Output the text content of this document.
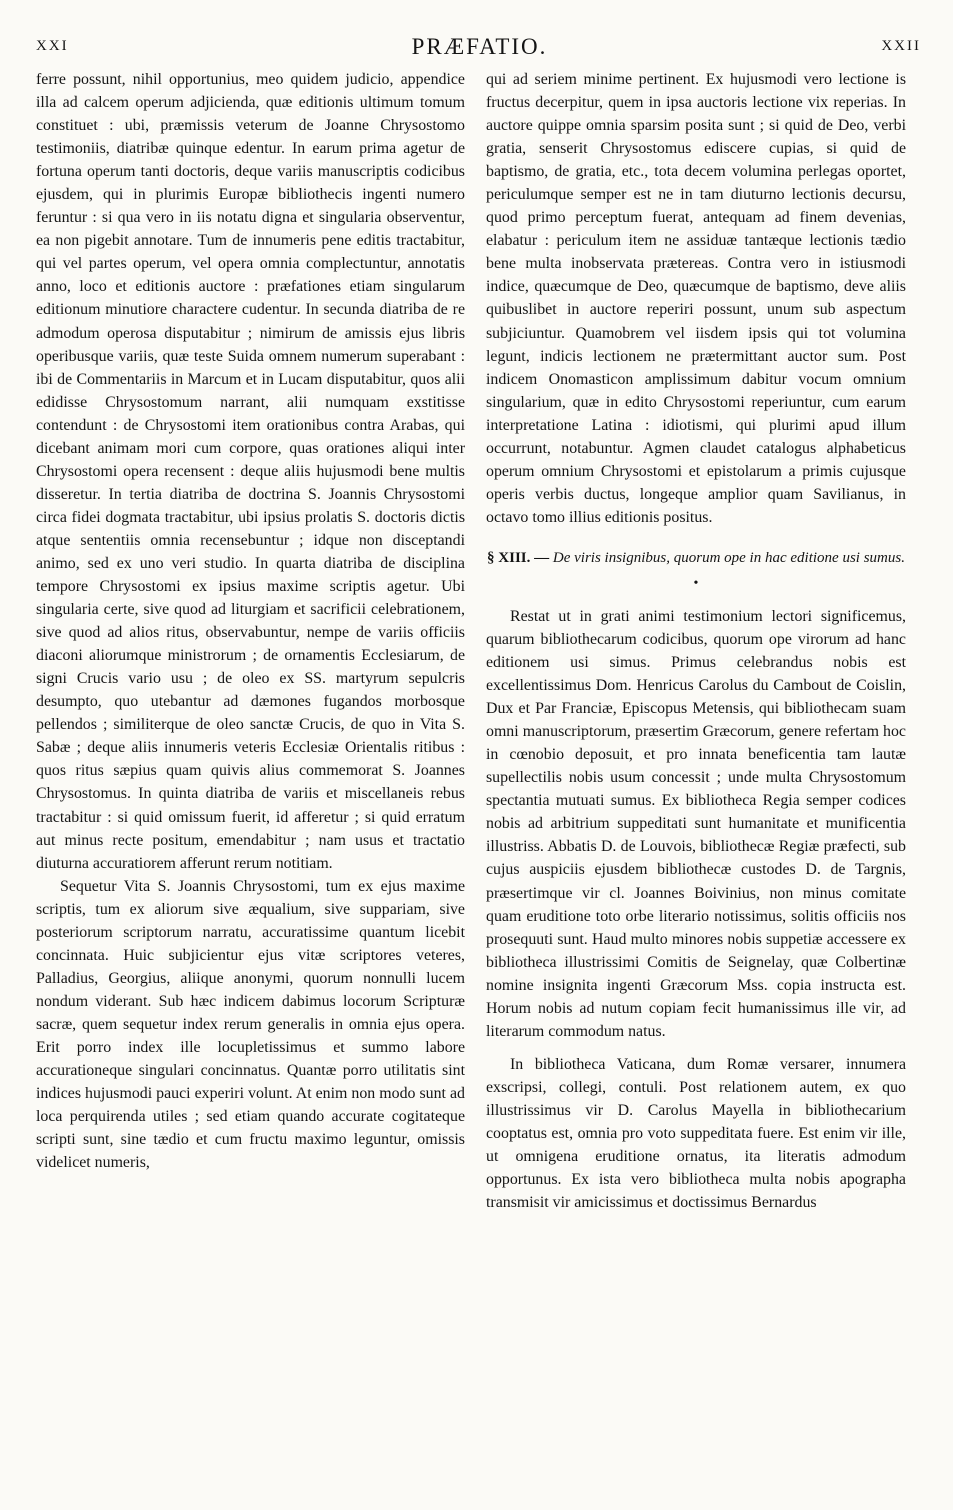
XXI	PRÆFATIO.	XXII

ferre possunt, nihil opportunius, meo quidem judicio, appendice illa ad calcem operum adjicienda, quæ editionis ultimum tomum constituet : ubi, præmissis veterum de Joanne Chrysostomo testimoniis, diatribæ quinque edentur. In earum prima agetur de fortuna operum tanti doctoris, deque variis manuscriptis codicibus ejusdem, qui in plurimis Europæ bibliothecis ingenti numero feruntur : si qua vero in iis notatu digna et singularia observentur, ea non pigebit annotare. Tum de innumeris pene editis tractabitur, qui vel partes operum, vel opera omnia complectuntur, annotatis anno, loco et editionis auctore : præfationes etiam singularum editionum minutiore charactere cudentur. In secunda diatriba de re admodum operosa disputabitur ; nimirum de amissis ejus libris operibusque variis, quæ teste Suida omnem numerum superabant : ibi de Commentariis in Marcum et in Lucam disputabitur, quos alii edidisse Chrysostomum narrant, alii numquam exstitisse contendunt : de Chrysostomi item orationibus contra Arabas, qui dicebant animam mori cum corpore, quas orationes aliqui inter Chrysostomi opera recensent : deque aliis hujusmodi bene multis disseretur. In tertia diatriba de doctrina S. Joannis Chrysostomi circa fidei dogmata tractabitur, ubi ipsius prolatis S. doctoris dictis atque sententiis omnia recensebuntur ; idque non disceptandi animo, sed ex uno veri studio. In quarta diatriba de disciplina tempore Chrysostomi ex ipsius maxime scriptis agetur. Ubi singularia certe, sive quod ad liturgiam et sacrificii celebrationem, sive quod ad alios ritus, observabuntur, nempe de variis officiis diaconi aliorumque ministrorum ; de ornamentis Ecclesiarum, de signi Crucis vario usu ; de oleo ex SS. martyrum sepulcris desumpto, quo utebantur ad dæmones fugandos morbosque pellendos ; similiterque de oleo sanctæ Crucis, de quo in Vita S. Sabæ ; deque aliis innumeris veteris Ecclesiæ Orientalis ritibus : quos ritus sæpius quam quivis alius commemorat S. Joannes Chrysostomus. In quinta diatriba de variis et miscellaneis rebus tractabitur : si quid omissum fuerit, id afferetur ; si quid erratum aut minus recte positum, emendabitur ; nam usus et tractatio diuturna accuratiorem afferunt rerum notitiam.

Sequetur Vita S. Joannis Chrysostomi, tum ex ejus maxime scriptis, tum ex aliorum sive æqualium, sive suppariam, sive posteriorum scriptorum narratu, accuratissime quantum licebit concinnata. Huic subjicientur ejus vitæ scriptores veteres, Palladius, Georgius, aliique anonymi, quorum nonnulli lucem nondum viderant. Sub hæc indicem dabimus locorum Scripturæ sacræ, quem sequetur index rerum generalis in omnia ejus opera. Erit porro index ille locupletissimus et summo labore accurationeque singulari concinnatus. Quantæ porro utilitatis sint indices hujusmodi pauci experiri volunt. At enim non modo sunt ad loca perquirenda utiles ; sed etiam quando accurate cogitateque scripti sunt, sine tædio et cum fructu maximo leguntur, omissis videlicet numeris,

qui ad seriem minime pertinent. Ex hujusmodi vero lectione is fructus decerpitur, quem in ipsa auctoris lectione vix reperias. In auctore quippe omnia sparsim posita sunt ; si quid de Deo, verbi gratia, senserit Chrysostomus ediscere cupias, si quid de baptismo, de gratia, etc., tota decem volumina perlegas oportet, periculumque semper est ne in tam diuturno lectionis decursu, quod primo perceptum fuerat, antequam ad finem devenias, elabatur : periculum item ne assiduæ tantæque lectionis tædio bene multa inobservata prætereas. Contra vero in istiusmodi indice, quæcumque de Deo, quæcumque de baptismo, deve aliis quibuslibet in auctore reperiri possunt, unum sub aspectum subjiciuntur. Quamobrem vel iisdem ipsis qui tot volumina legunt, indicis lectionem ne prætermittant auctor sum. Post indicem Onomasticon amplissimum dabitur vocum omnium singularium, quæ in edito Chrysostomi reperiuntur, cum earum interpretatione Latina : idiotismi, qui plurimi apud illum occurrunt, notabuntur. Agmen claudet catalogus alphabeticus operum omnium Chrysostomi et epistolarum a primis cujusque operis verbis ductus, longeque amplior quam Savilianus, in octavo tomo illius editionis positus.

§ XIII. — De viris insignibus, quorum ope in hac editione usi sumus.
•

Restat ut in grati animi testimonium lectori significemus, quarum bibliothecarum codicibus, quorum ope virorum ad hanc editionem usi simus. Primus celebrandus nobis est excellentissimus Dom. Henricus Carolus du Cambout de Coislin, Dux et Par Franciæ, Episcopus Metensis, qui bibliothecam suam omni manuscriptorum, præsertim Græcorum, genere refertam hoc in cœnobio deposuit, et pro innata beneficentia tam lautæ supellectilis nobis usum concessit ; unde multa Chrysostomum spectantia mutuati sumus. Ex bibliotheca Regia semper codices nobis ad arbitrium suppeditati sunt humanitate et munificentia illustriss. Abbatis D. de Louvois, bibliothecæ Regiæ præfecti, sub cujus auspiciis ejusdem bibliothecæ custodes D. de Targnis, præsertimque vir cl. Joannes Boivinius, non minus comitate quam eruditione toto orbe literario notissimus, solitis officiis nos prosequuti sunt. Haud multo minores nobis suppetiæ accessere ex bibliotheca illustrissimi Comitis de Seignelay, quæ Colbertinæ nomine insignita ingenti Græcorum Mss. copia instructa est. Horum nobis ad nutum copiam fecit humanissimus ille vir, ad literarum commodum natus.

In bibliotheca Vaticana, dum Romæ versarer, innumera exscripsi, collegi, contuli. Post relationem autem, ex quo illustrissimus vir D. Carolus Mayella in bibliothecarium cooptatus est, omnia pro voto suppeditata fuere. Est enim vir ille, ut omnigena eruditione ornatus, ita literatis admodum opportunus. Ex ista vero bibliotheca multa nobis apographa transmisit vir amicissimus et doctissimus Bernardus
